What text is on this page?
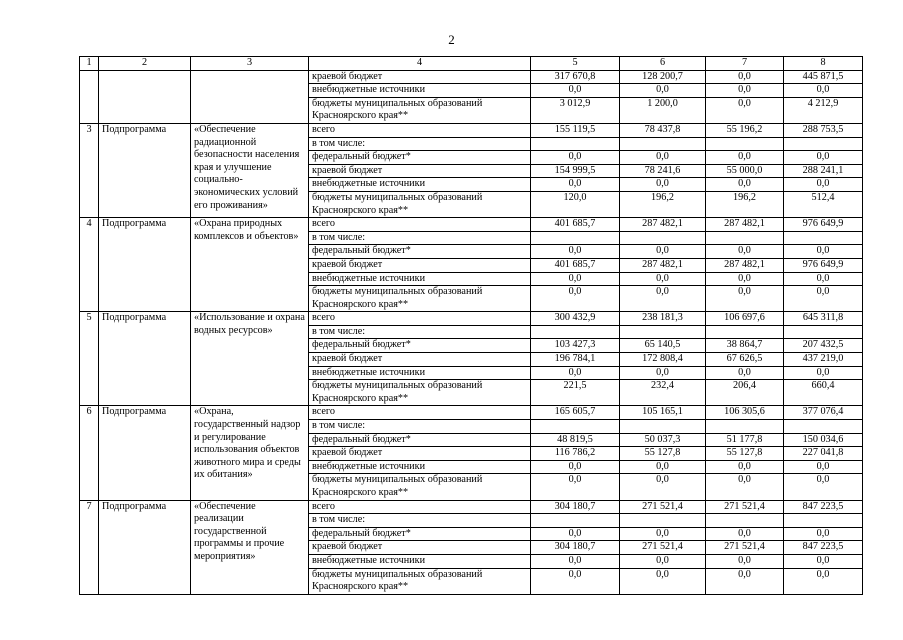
2
1	2	3	4	5	6	7	8
			краевой бюджет	317 670,8	128 200,7	0,0	445 871,5
			внебюджетные источники	0,0	0,0	0,0	0,0
			бюджеты муниципальных образований
Красноярского края**	3 012,9	1 200,0	0,0	4 212,9
3	Подпрограмма	«Обеспечение радиационной безопасности населения края и улучшение социально-экономических условий его проживания»	всего	155 119,5	78 437,8	55 196,2	288 753,5
			в том числе:				
			федеральный бюджет*	0,0	0,0	0,0	0,0
			краевой бюджет	154 999,5	78 241,6	55 000,0	288 241,1
			внебюджетные источники	0,0	0,0	0,0	0,0
			бюджеты муниципальных образований
Красноярского края**	120,0	196,2	196,2	512,4
4	Подпрограмма	«Охрана природных комплексов и объектов»	всего	401 685,7	287 482,1	287 482,1	976 649,9
			в том числе:				
			федеральный бюджет*	0,0	0,0	0,0	0,0
			краевой бюджет	401 685,7	287 482,1	287 482,1	976 649,9
			внебюджетные источники	0,0	0,0	0,0	0,0
			бюджеты муниципальных образований
Красноярского края**	0,0	0,0	0,0	0,0
5	Подпрограмма	«Использование и охрана водных ресурсов»	всего	300 432,9	238 181,3	106 697,6	645 311,8
			в том числе:				
			федеральный бюджет*	103 427,3	65 140,5	38 864,7	207 432,5
			краевой бюджет	196 784,1	172 808,4	67 626,5	437 219,0
			внебюджетные источники	0,0	0,0	0,0	0,0
			бюджеты муниципальных образований
Красноярского края**	221,5	232,4	206,4	660,4
6	Подпрограмма	«Охрана, государственный надзор и регулирование использования объектов животного мира и среды их обитания»	всего	165 605,7	105 165,1	106 305,6	377 076,4
			в том числе:				
			федеральный бюджет*	48 819,5	50 037,3	51 177,8	150 034,6
			краевой бюджет	116 786,2	55 127,8	55 127,8	227 041,8
			внебюджетные источники	0,0	0,0	0,0	0,0
			бюджеты муниципальных образований
Красноярского края**	0,0	0,0	0,0	0,0
7	Подпрограмма	«Обеспечение реализации государственной программы и прочие мероприятия»	всего	304 180,7	271 521,4	271 521,4	847 223,5
			в том числе:				
			федеральный бюджет*	0,0	0,0	0,0	0,0
			краевой бюджет	304 180,7	271 521,4	271 521,4	847 223,5
			внебюджетные источники	0,0	0,0	0,0	0,0
			бюджеты муниципальных образований
Красноярского края**	0,0	0,0	0,0	0,0
